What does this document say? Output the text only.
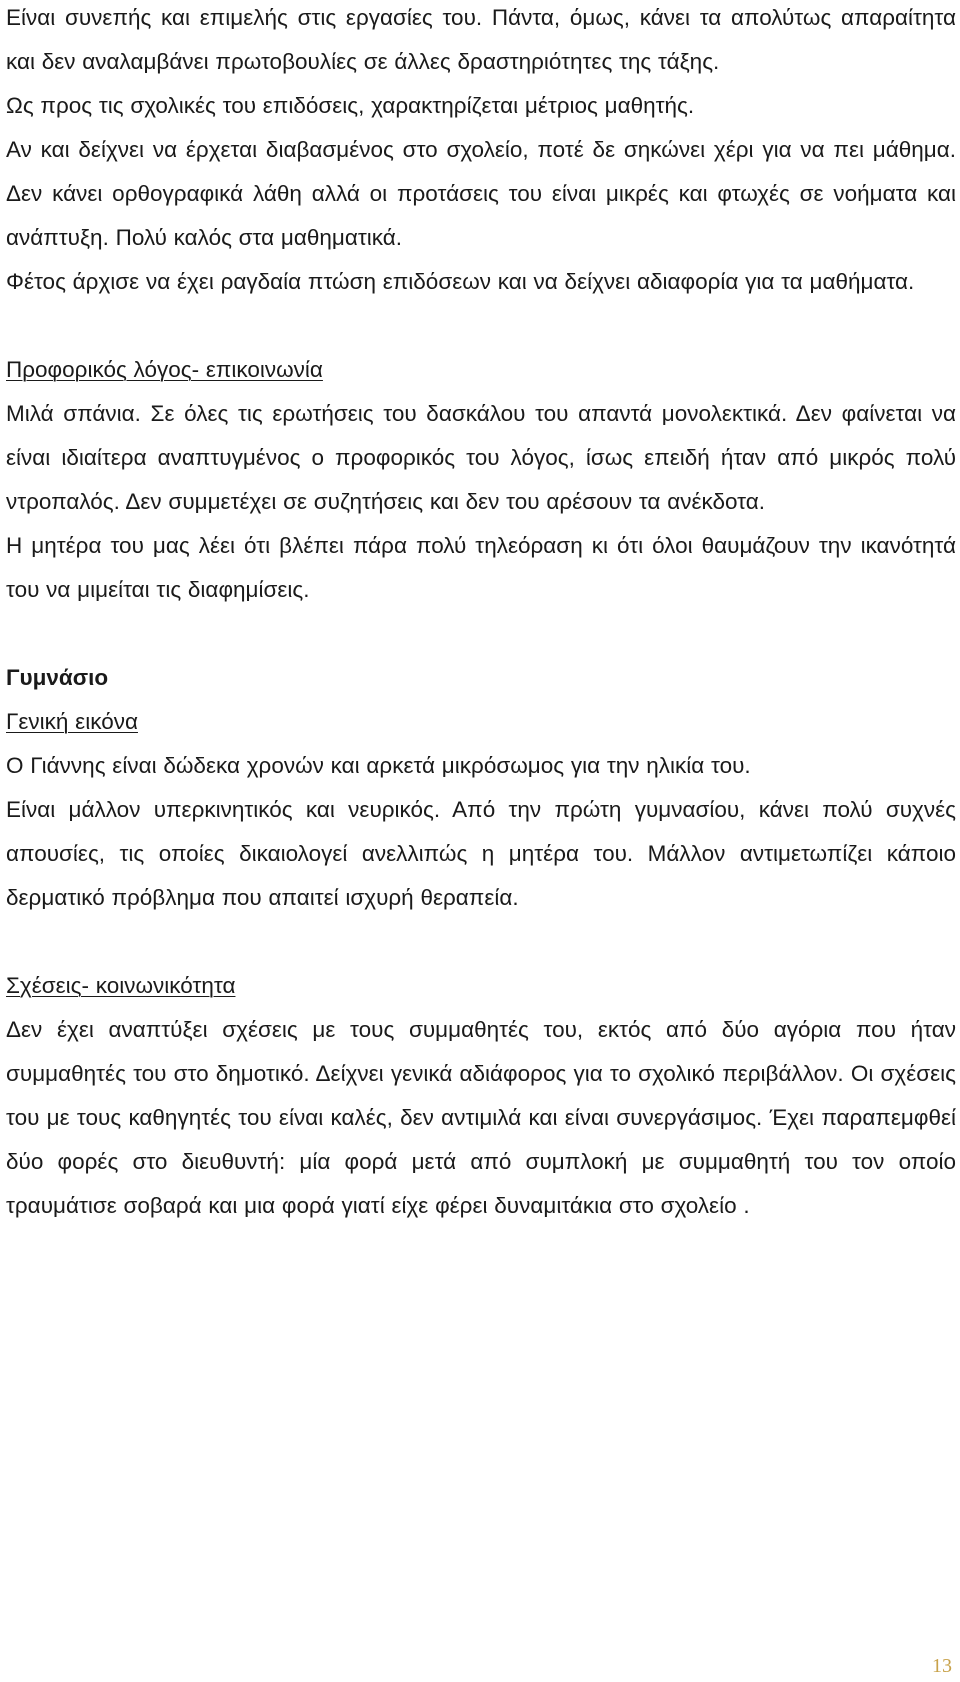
Είναι συνεπής και επιμελής στις εργασίες του. Πάντα, όμως, κάνει τα απολύτως απαραίτητα και δεν αναλαμβάνει πρωτοβουλίες σε άλλες δραστηριότητες της τάξης.

Ως προς τις σχολικές του επιδόσεις, χαρακτηρίζεται μέτριος μαθητής.

Αν και δείχνει να έρχεται διαβασμένος στο σχολείο, ποτέ δε σηκώνει χέρι για να πει μάθημα. Δεν κάνει ορθογραφικά λάθη αλλά οι προτάσεις του είναι μικρές και φτωχές σε νοήματα και ανάπτυξη. Πολύ καλός στα μαθηματικά.

Φέτος άρχισε να έχει ραγδαία πτώση επιδόσεων και να δείχνει αδιαφορία για τα μαθήματα.

Προφορικός λόγος- επικοινωνία

Μιλά σπάνια. Σε όλες τις ερωτήσεις του δασκάλου του απαντά μονολεκτικά. Δεν φαίνεται να είναι ιδιαίτερα αναπτυγμένος ο προφορικός του λόγος, ίσως επειδή ήταν από μικρός πολύ ντροπαλός. Δεν συμμετέχει σε συζητήσεις και δεν του αρέσουν τα ανέκδοτα.

Η μητέρα του μας λέει ότι βλέπει πάρα πολύ τηλεόραση κι ότι όλοι θαυμάζουν την ικανότητά του να μιμείται τις διαφημίσεις.

Γυμνάσιο

Γενική εικόνα

Ο Γιάννης είναι δώδεκα χρονών και αρκετά μικρόσωμος για την ηλικία του.

Είναι μάλλον υπερκινητικός και νευρικός. Από την πρώτη γυμνασίου, κάνει πολύ συχνές απουσίες, τις οποίες δικαιολογεί ανελλιπώς η μητέρα του. Μάλλον αντιμετωπίζει κάποιο δερματικό πρόβλημα που απαιτεί ισχυρή θεραπεία.

Σχέσεις- κοινωνικότητα

Δεν έχει αναπτύξει σχέσεις με τους συμμαθητές του, εκτός από δύο αγόρια που ήταν συμμαθητές του στο δημοτικό. Δείχνει γενικά αδιάφορος για το σχολικό περιβάλλον. Οι σχέσεις του με τους καθηγητές του είναι καλές, δεν αντιμιλά και είναι συνεργάσιμος. Έχει παραπεμφθεί δύο φορές στο διευθυντή: μία φορά μετά από συμπλοκή με συμμαθητή του τον οποίο τραυμάτισε σοβαρά και μια φορά γιατί είχε φέρει δυναμιτάκια στο σχολείο .

13
